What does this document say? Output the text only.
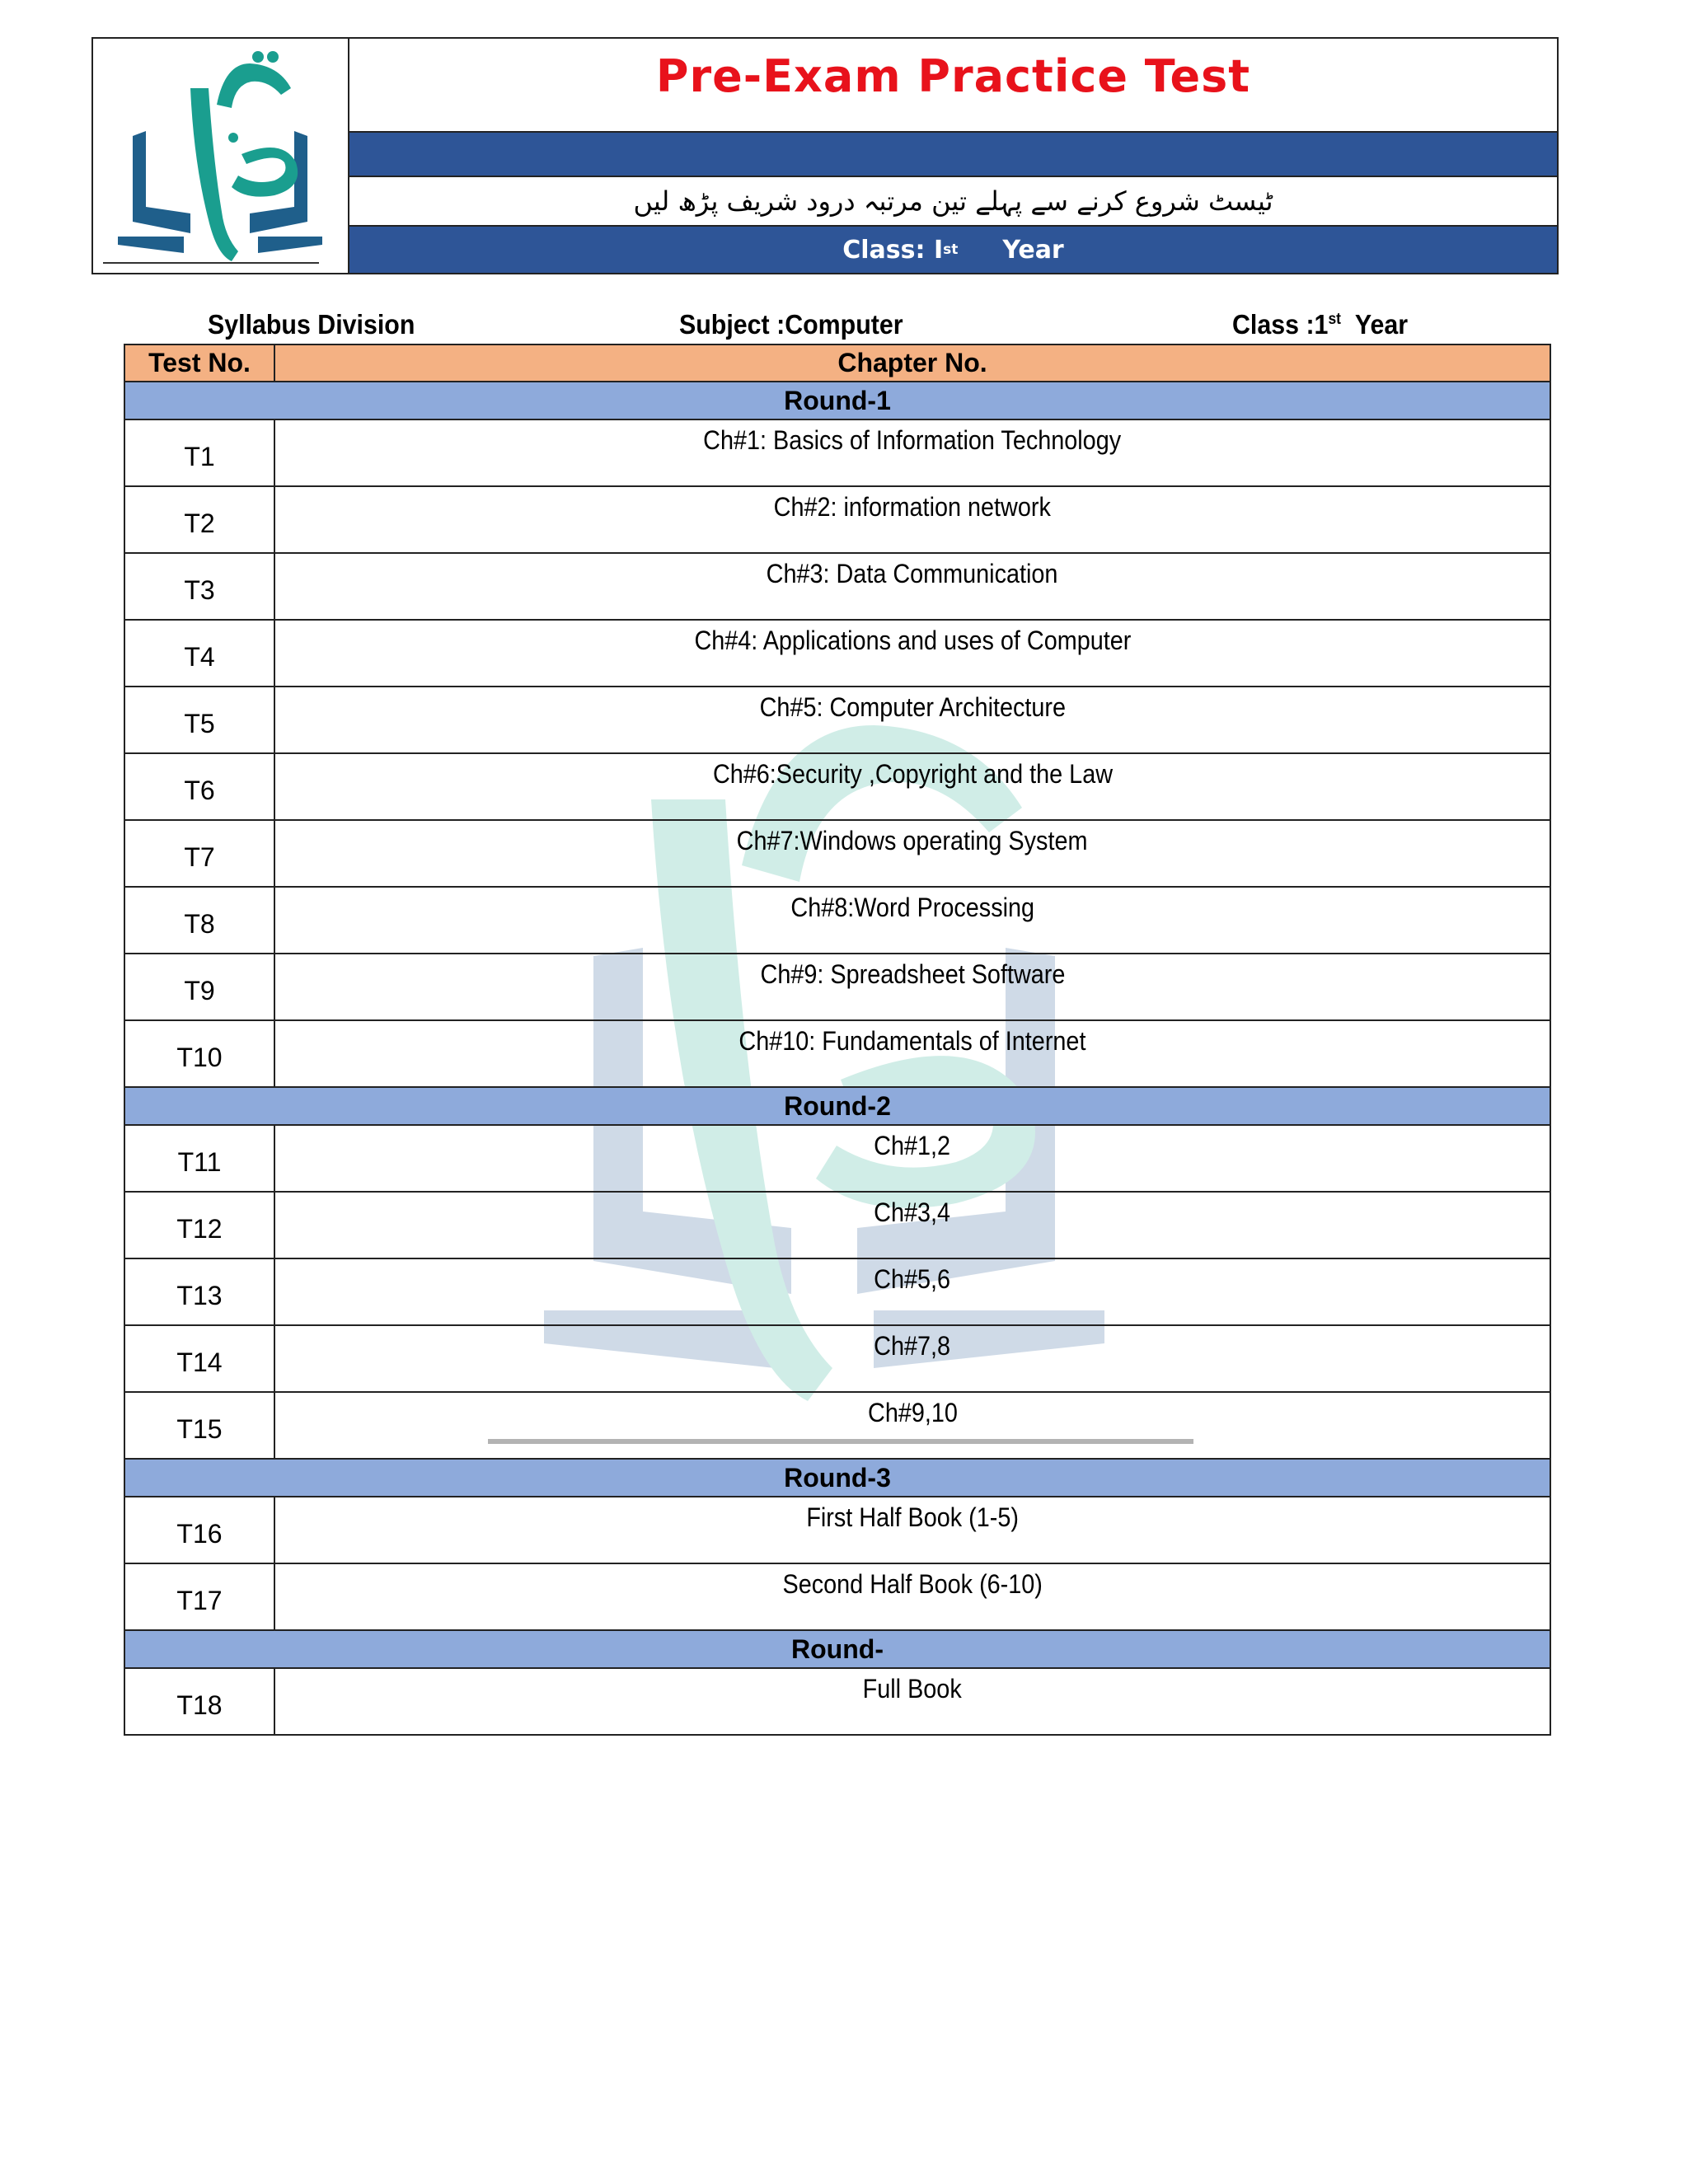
Pre-Exam Practice Test
ٹیسٹ شروع کرنے سے پہلے تین مرتبہ درود شریف پڑھ لیں
Class: I st Year
Syllabus Division	Subject :Computer	Class :1st Year
Test No.	Chapter No.
Round-1	
T1	Ch#1: Basics of Information Technology
T2	Ch#2: information network
T3	Ch#3: Data Communication
T4	Ch#4: Applications and uses of Computer
T5	Ch#5: Computer Architecture
T6	Ch#6:Security ,Copyright and the Law
T7	Ch#7:Windows operating System
T8	Ch#8:Word Processing
T9	Ch#9: Spreadsheet Software
T10	Ch#10: Fundamentals of Internet
Round-2	
T11	Ch#1,2
T12	Ch#3,4
T13	Ch#5,6
T14	Ch#7,8
T15	Ch#9,10
Round-3	
T16	First Half Book (1-5)
T17	Second Half Book (6-10)
Round-	
T18	Full Book
